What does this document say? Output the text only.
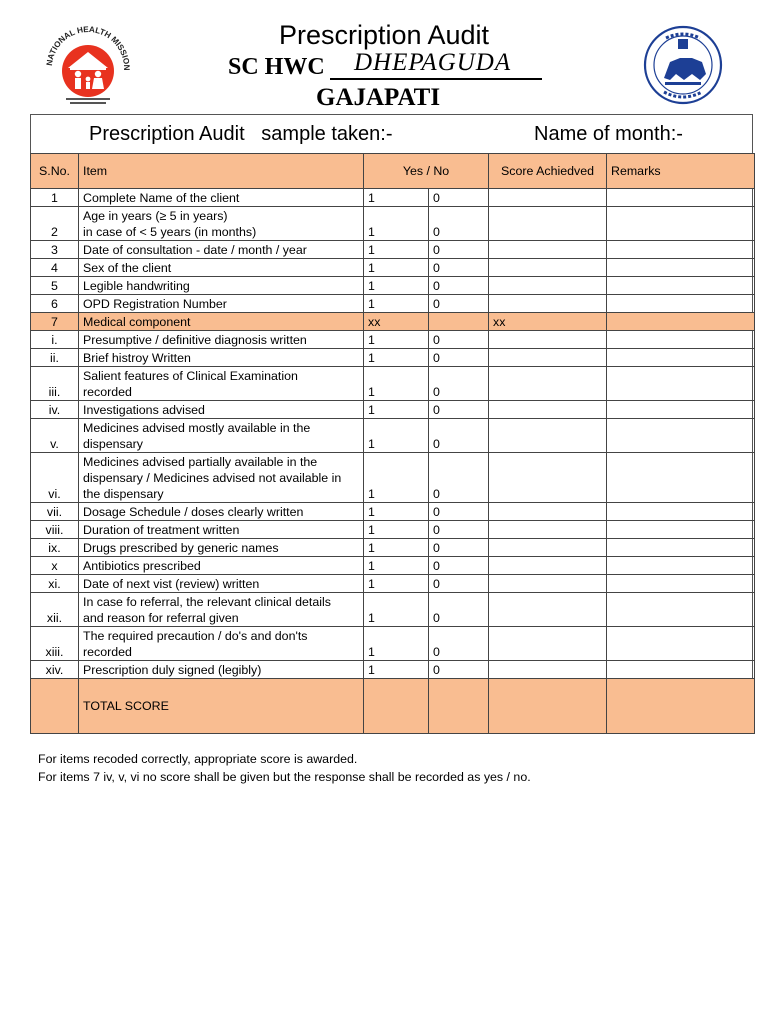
NATIONAL HEALTH MISSION
Prescription Audit
SC HWC DHEPAGUDA
GAJAPATI
Prescription Audit   sample taken:-	Name of month:-
S.No.	Item	Yes / No		Score Achiedved	Remarks
1	Complete Name of the client	1	0		
2	Age in years (≥ 5 in years)
in case of < 5 years (in months)	1	0		
3	Date of consultation - date / month / year	1	0		
4	Sex of the client	1	0		
5	Legible handwriting	1	0		
6	OPD Registration Number	1	0		
7	Medical component	xx		xx	
i.	Presumptive / definitive diagnosis written	1	0		
ii.	Brief histroy Written	1	0		
iii.	Salient features of Clinical Examination
recorded	1	0		
iv.	Investigations advised	1	0		
v.	Medicines advised mostly available in the
dispensary	1	0		
vi.	Medicines advised partially available in the
dispensary / Medicines advised not available in
the dispensary	1	0		
vii.	Dosage Schedule / doses clearly written	1	0		
viii.	Duration of treatment written	1	0		
ix.	Drugs prescribed by generic names	1	0		
x	Antibiotics prescribed	1	0		
xi.	Date of next vist (review) written	1	0		
xii.	In case fo referral, the relevant clinical details
and reason for referral given	1	0		
xiii.	The required precaution / do's and don'ts
recorded	1	0		
xiv.	Prescription duly signed (legibly)	1	0		
	TOTAL SCORE				
For items recoded correctly, appropriate score is awarded.
For items 7 iv, v, vi no score shall be given but the response shall be recorded as yes / no.
